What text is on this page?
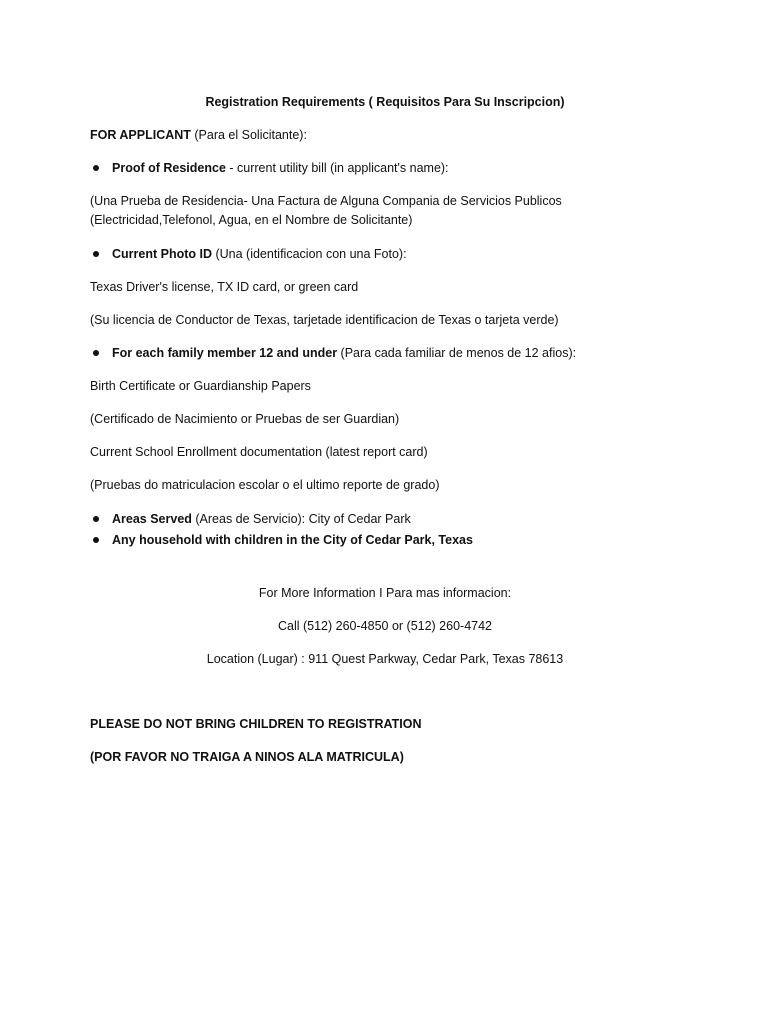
Registration Requirements ( Requisitos Para Su Inscripcion)
FOR APPLICANT (Para el Solicitante):
Proof of Residence - current utility bill (in applicant's name):
(Una Prueba de Residencia- Una Factura de Alguna Compania de Servicios Publicos
(Electricidad,Telefonol, Agua, en el Nombre de Solicitante)
Current Photo ID (Una (identificacion con una Foto):
Texas Driver's license, TX ID card, or green card
(Su licencia de Conductor de Texas, tarjetade identificacion de Texas o tarjeta verde)
For each family member 12 and under (Para cada familiar de menos de 12 afios):
Birth Certificate or Guardianship Papers
(Certificado de Nacimiento or Pruebas de ser Guardian)
Current School Enrollment documentation (latest report card)
(Pruebas do matriculacion escolar o el ultimo reporte de grado)
Areas Served (Areas de Servicio): City of Cedar Park
Any household with children in the City of Cedar Park, Texas
For More Information I Para mas informacion:
Call (512) 260-4850 or (512) 260-4742
Location (Lugar) : 911 Quest Parkway, Cedar Park, Texas 78613
PLEASE DO NOT BRING CHILDREN TO REGISTRATION
(POR FAVOR NO TRAIGA A NINOS ALA MATRICULA)
